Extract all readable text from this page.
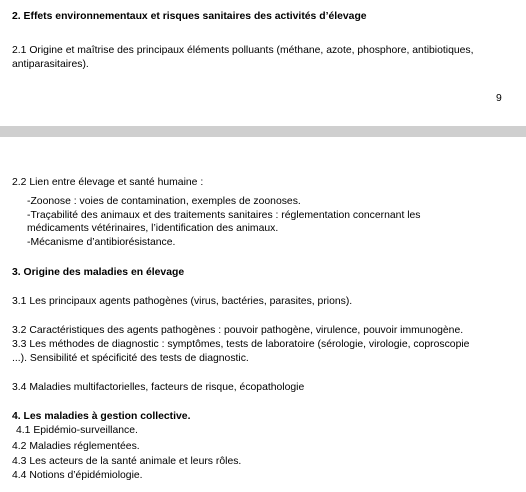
2. Effets environnementaux et risques sanitaires des activités d’élevage
2.1 Origine et maîtrise des principaux éléments polluants (méthane, azote, phosphore, antibiotiques,
antiparasitaires).
9
2.2 Lien entre élevage et santé humaine :
-Zoonose : voies de contamination, exemples de zoonoses.
-Traçabilité des animaux et des traitements sanitaires : réglementation concernant les
médicaments vétérinaires, l’identification des animaux.
-Mécanisme d’antibiorésistance.
3. Origine des maladies en élevage
3.1 Les principaux agents pathogènes (virus, bactéries, parasites, prions).
3.2 Caractéristiques des agents pathogènes : pouvoir pathogène, virulence, pouvoir immunogène.
3.3 Les méthodes de diagnostic : symptômes, tests de laboratoire (sérologie, virologie, coproscopie
...). Sensibilité et spécificité des tests de diagnostic.
3.4 Maladies multifactorielles, facteurs de risque, écopathologie
4. Les maladies à gestion collective.
4.1 Epidémio-surveillance.
4.2 Maladies réglementées.
4.3 Les acteurs de la santé animale et leurs rôles.
4.4 Notions d’épidémiologie.
